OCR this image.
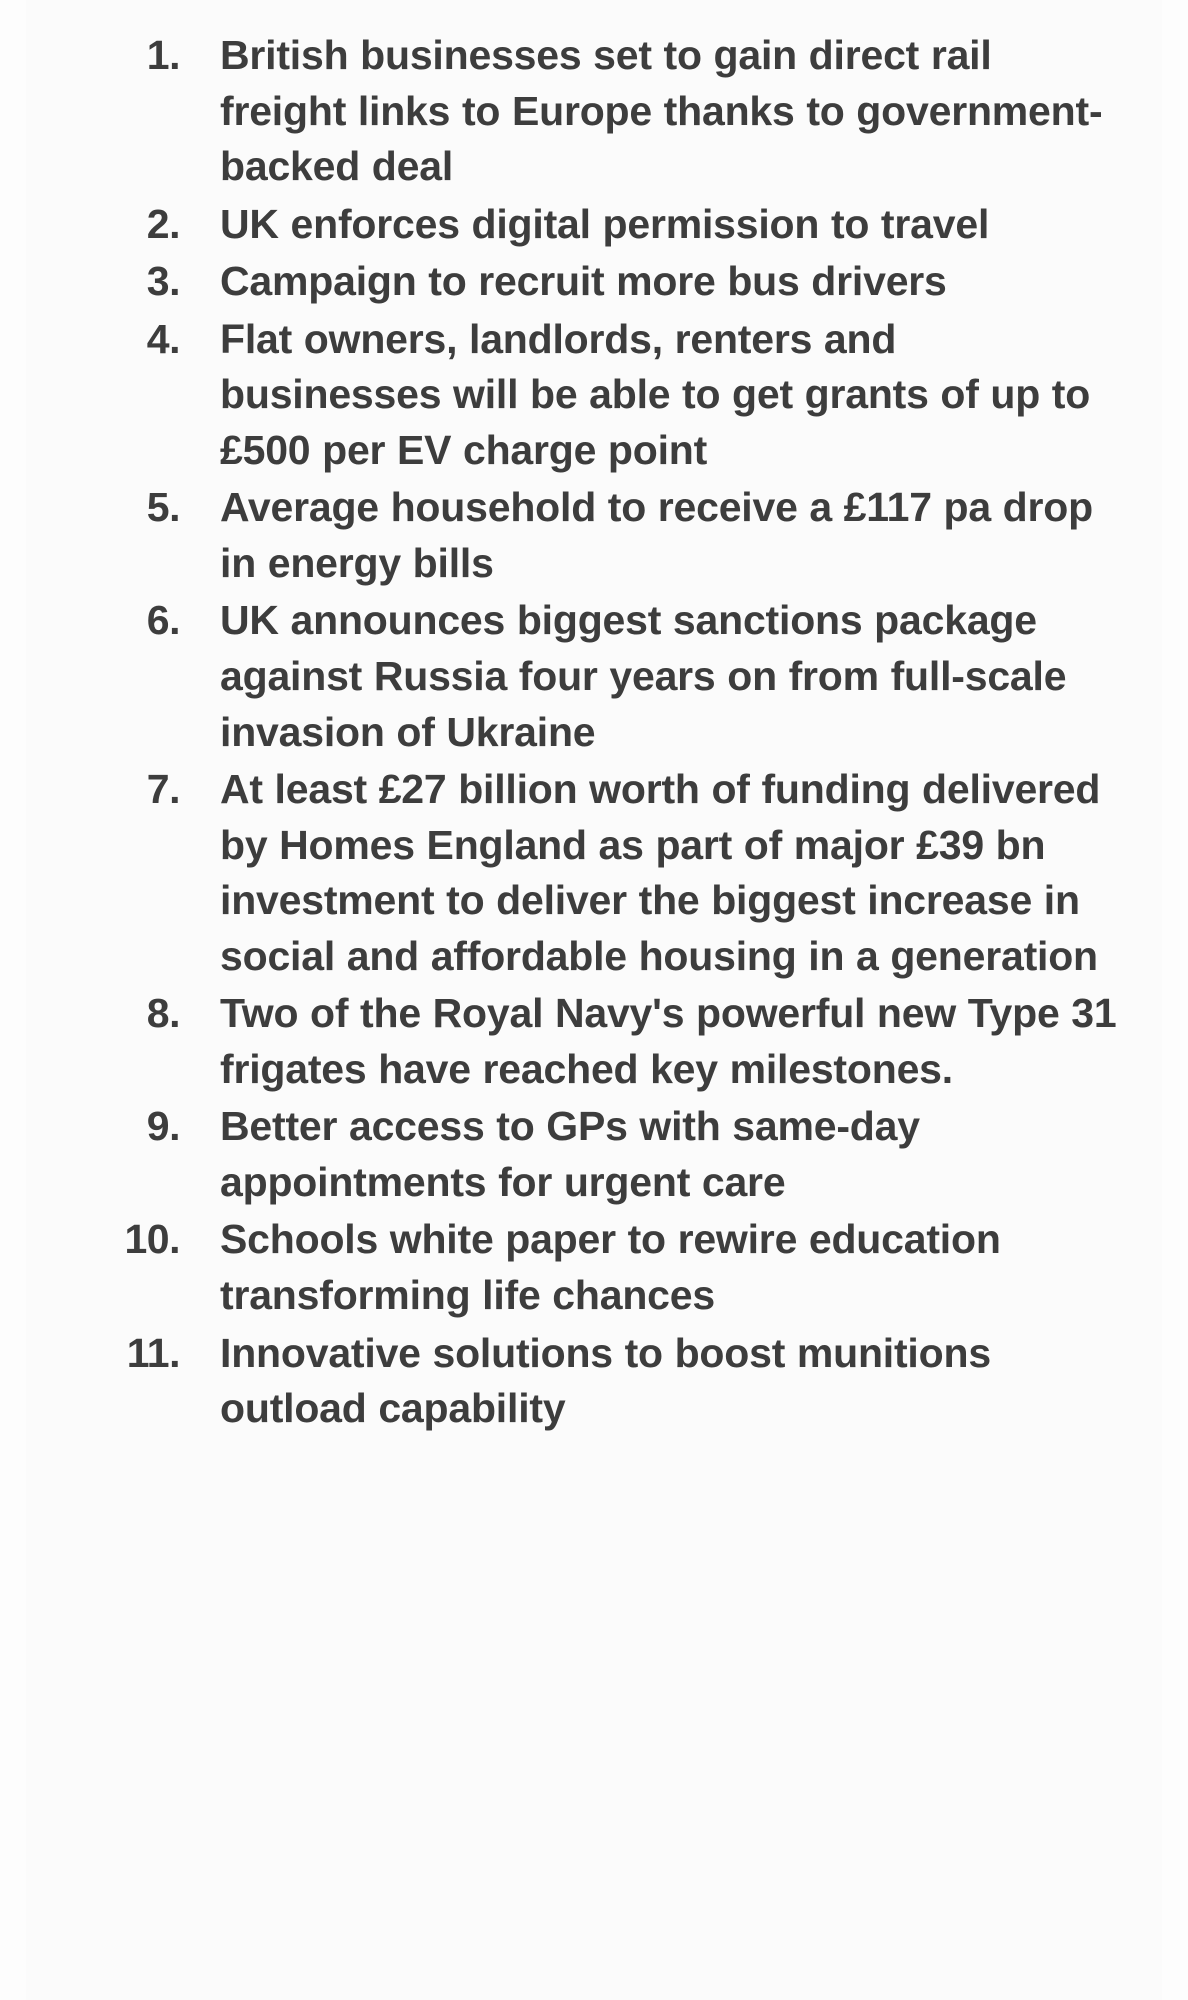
1. British businesses set to gain direct rail freight links to Europe thanks to government-backed deal
2. UK enforces digital permission to travel
3. Campaign to recruit more bus drivers
4. Flat owners, landlords, renters and businesses will be able to get grants of up to £500 per EV charge point
5. Average household to receive a £117 pa drop in energy bills
6. UK announces biggest sanctions package against Russia four years on from full-scale invasion of Ukraine
7. At least £27 billion worth of funding delivered by Homes England as part of major £39 bn investment to deliver the biggest increase in social and affordable housing in a generation
8. Two of the Royal Navy's powerful new Type 31 frigates have reached key milestones.
9. Better access to GPs with same-day appointments for urgent care
10. Schools white paper to rewire education transforming life chances
11. Innovative solutions to boost munitions outload capability
